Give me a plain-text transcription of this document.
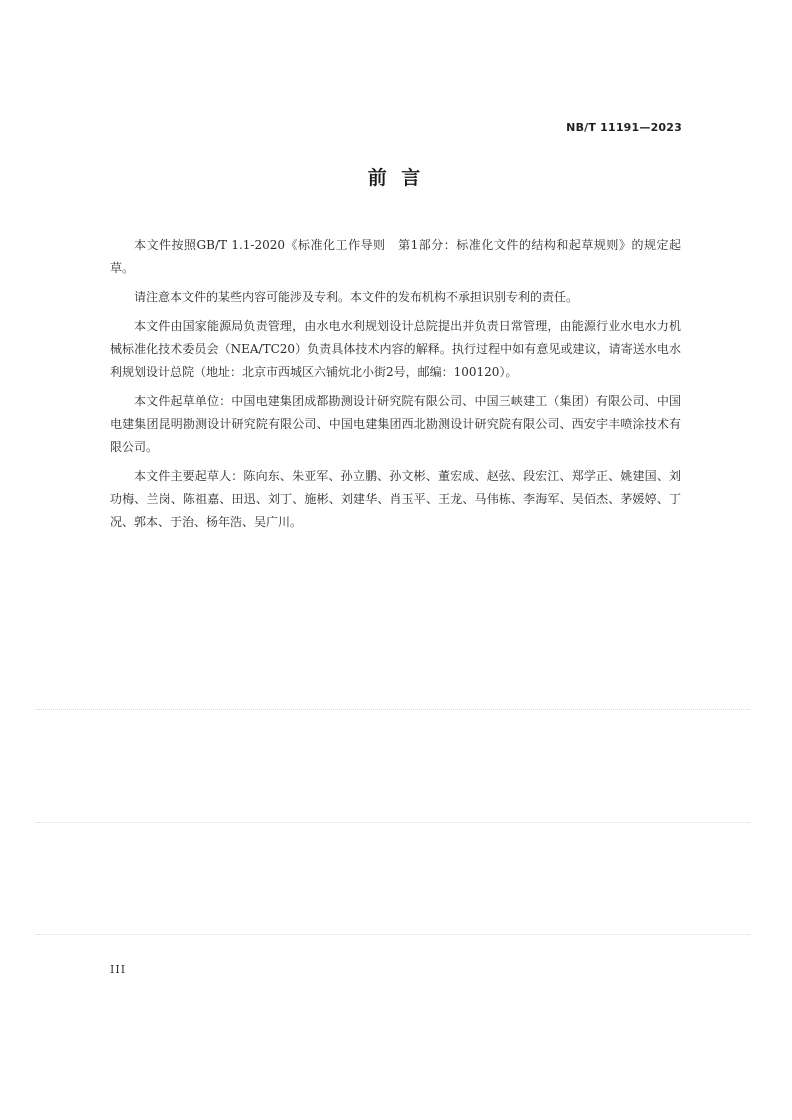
NB/T 11191—2023
前 言

本文件按照GB/T 1.1-2020《标准化工作导则　第1部分：标准化文件的结构和起草规则》的规定起草。

请注意本文件的某些内容可能涉及专利。本文件的发布机构不承担识别专利的责任。

本文件由国家能源局负责管理，由水电水利规划设计总院提出并负责日常管理，由能源行业水电水力机械标准化技术委员会（NEA/TC20）负责具体技术内容的解释。执行过程中如有意见或建议，请寄送水电水利规划设计总院（地址：北京市西城区六铺炕北小街2号，邮编：100120）。

本文件起草单位：中国电建集团成都勘测设计研究院有限公司、中国三峡建工（集团）有限公司、中国电建集团昆明勘测设计研究院有限公司、中国电建集团西北勘测设计研究院有限公司、西安宇丰喷涂技术有限公司。

本文件主要起草人：陈向东、朱亚军、孙立鹏、孙文彬、董宏成、赵弦、段宏江、郑学正、姚建国、刘功梅、兰岗、陈祖嘉、田迅、刘丁、施彬、刘建华、肖玉平、王龙、马伟栋、李海军、吴佰杰、茅媛婷、丁况、郭本、于治、杨年浩、吴广川。

III
